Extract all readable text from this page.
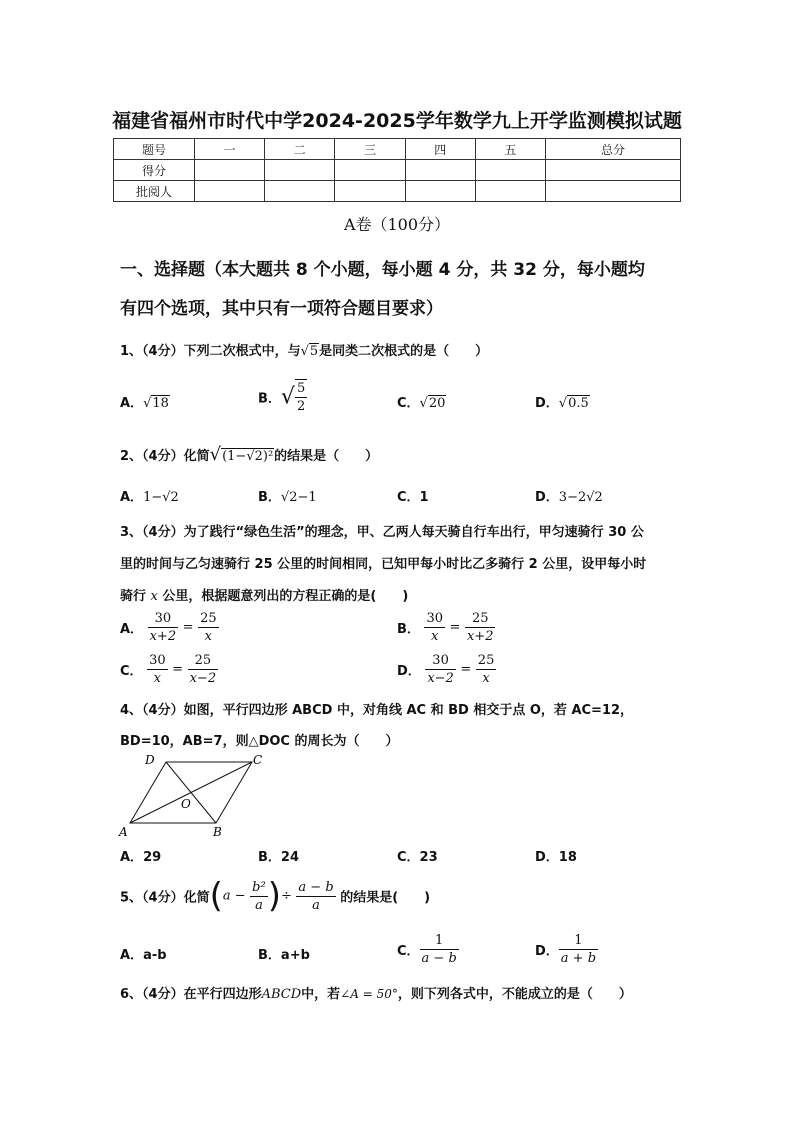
福建省福州市时代中学2024-2025学年数学九上开学监测模拟试题
题号	一	二	三	四	五	总分
得分						
批阅人						
A卷（100分）
一、选择题（本大题共 8 个小题，每小题 4 分，共 32 分，每小题均
有四个选项，其中只有一项符合题目要求）
1、（4分）下列二次根式中，与√5是同类二次根式的是（　　）
A．√18	B．√ $\frac{5}{2}$	C．√20	D．√0.5
2、（4分）化简√(1−√2)²的结果是（　　）
A．1−√2	B．√2−1	C．1	D．3−2√2
3、（4分）为了践行“绿色生活”的理念，甲、乙两人每天骑自行车出行，甲匀速骑行 30 公
里的时间与乙匀速骑行 25 公里的时间相同，已知甲每小时比乙多骑行 2 公里，设甲每小时
骑行 x 公里，根据题意列出的方程正确的是(　　)
A． $\frac{30}{x+2} = \frac{25}{x}$	B． $\frac{30}{x} = \frac{25}{x+2}$
C． $\frac{30}{x} = \frac{25}{x-2}$	D． $\frac{30}{x-2} = \frac{25}{x}$
4、（4分）如图，平行四边形 ABCD 中，对角线 AC 和 BD 相交于点 O，若 AC=12，
BD=10，AB=7，则△DOC 的周长为（　　）
A	B
C
D
O
A．29	B．24	C．23	D．18
5、（4分）化简($a - \frac{\text{b²}}{a}$ )÷ $\frac{a - b}{a}$ 的结果是(　　)
A．a-b	B．a+b	C． $\frac{1}{a - b}$	D． $\frac{1}{a + b}$
6、（4分）在平行四边形ABCD中，若∠A = 50°，则下列各式中，不能成立的是（　　）
